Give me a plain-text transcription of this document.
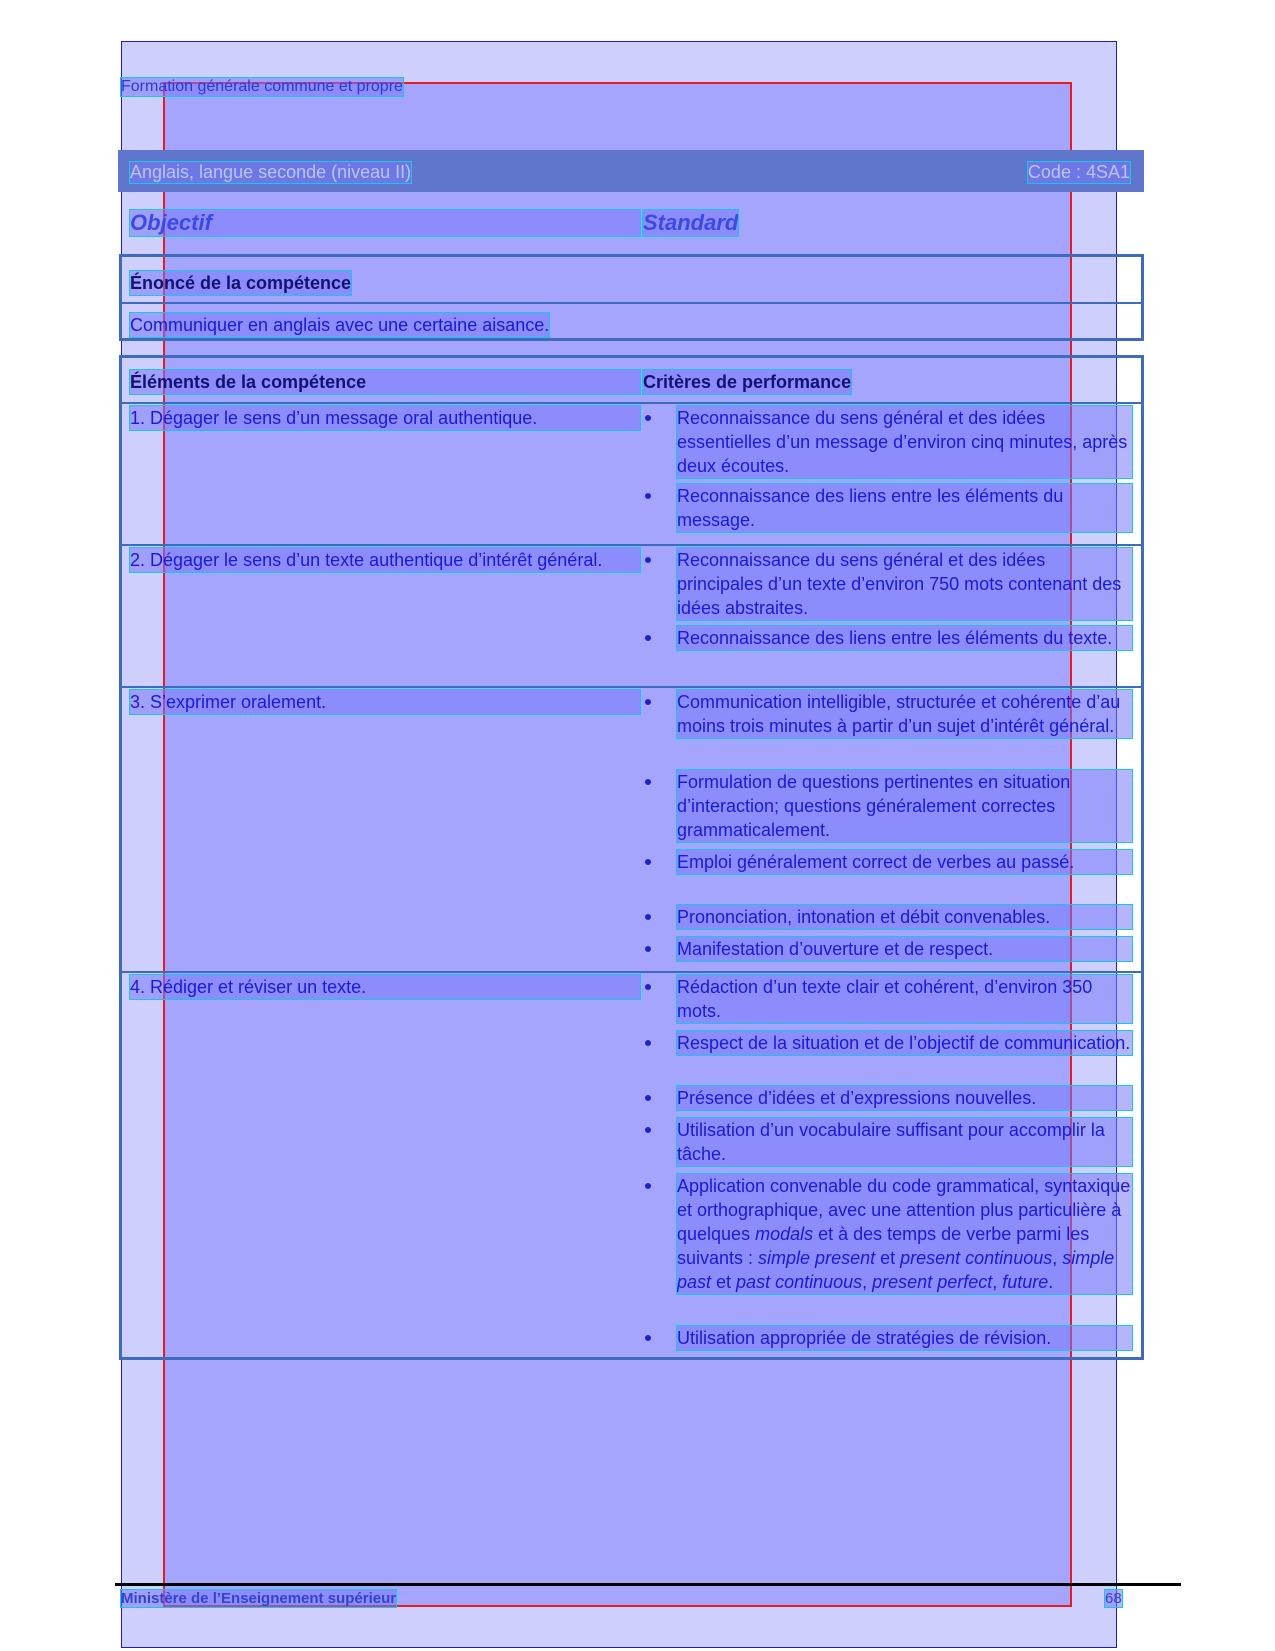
Formation générale commune et propre
Anglais, langue seconde (niveau II)	Code : 4SA1
Objectif	Standard
Énoncé de la compétence
Communiquer en anglais avec une certaine aisance.
Éléments de la compétence	Critères de performance
1. Dégager le sens d’un message oral authentique.	Reconnaissance du sens général et des idées essentielles d’un message d’environ cinq minutes, après deux écoutes.
Reconnaissance des liens entre les éléments du message.
2. Dégager le sens d’un texte authentique d’intérêt général.	Reconnaissance du sens général et des idées principales d’un texte d’environ 750 mots contenant des idées abstraites.
Reconnaissance des liens entre les éléments du texte.
3. S’exprimer oralement.	Communication intelligible, structurée et cohérente d’au moins trois minutes à partir d’un sujet d’intérêt général.
Formulation de questions pertinentes en situation d’interaction; questions généralement correctes grammaticalement.
Emploi généralement correct de verbes au passé.
Prononciation, intonation et débit convenables.
Manifestation d’ouverture et de respect.
4. Rédiger et réviser un texte.	Rédaction d’un texte clair et cohérent, d’environ 350 mots.
Respect de la situation et de l’objectif de communication.
Présence d’idées et d’expressions nouvelles.
Utilisation d’un vocabulaire suffisant pour accomplir la tâche.
Application convenable du code grammatical, syntaxique et orthographique, avec une attention plus particulière à quelques modals et à des temps de verbe parmi les suivants : simple present et present continuous, simple past et past continuous, present perfect, future.
Utilisation appropriée de stratégies de révision.
Ministère de l’Enseignement supérieur	68
